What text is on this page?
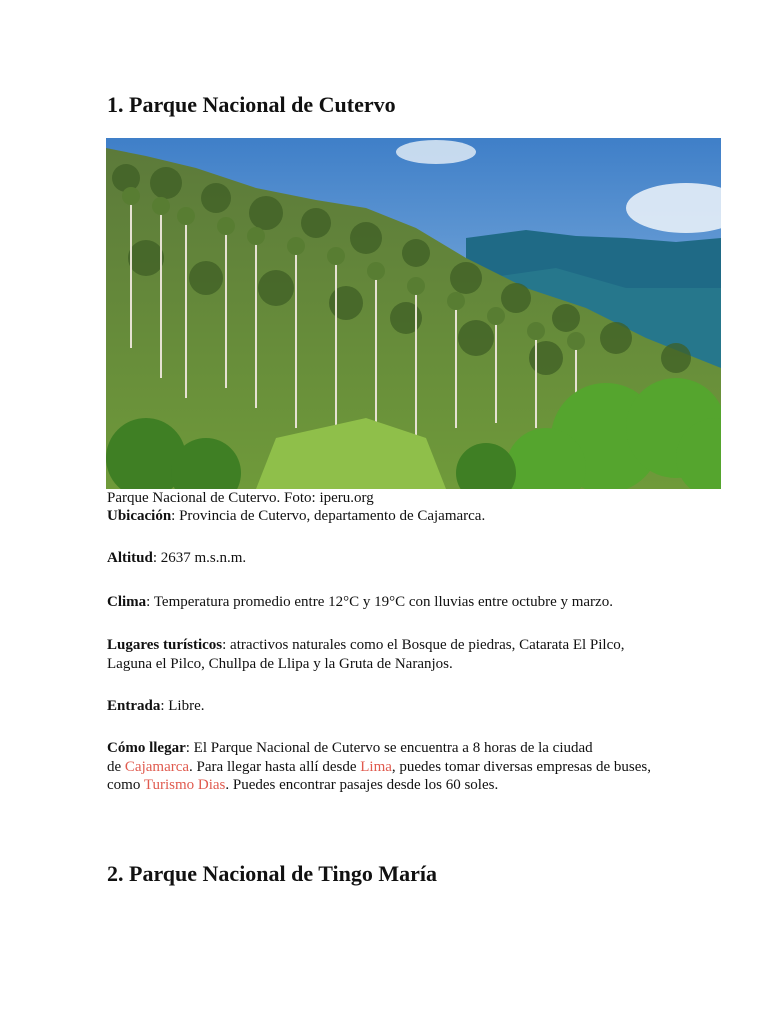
1. Parque Nacional de Cutervo

Parque Nacional de Cutervo. Foto: iperu.org

Ubicación: Provincia de Cutervo, departamento de Cajamarca.

Altitud: 2637 m.s.n.m.

Clima: Temperatura promedio entre 12°C y 19°C con lluvias entre octubre y marzo.

Lugares turísticos: atractivos naturales como el Bosque de piedras, Catarata El Pilco,
Laguna el Pilco, Chullpa de Llipa y la Gruta de Naranjos.

Entrada: Libre.

Cómo llegar: El Parque Nacional de Cutervo se encuentra a 8 horas de la ciudad
de Cajamarca. Para llegar hasta allí desde Lima, puedes tomar diversas empresas de buses,
como Turismo Dias. Puedes encontrar pasajes desde los 60 soles.

2. Parque Nacional de Tingo María
